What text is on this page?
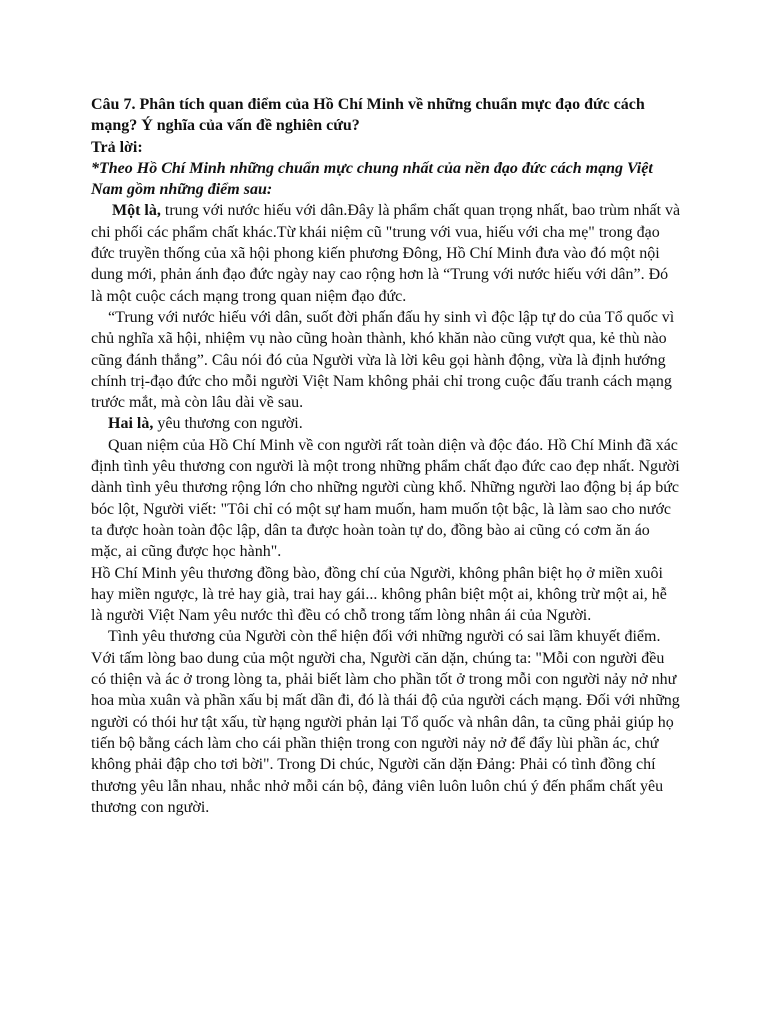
Câu 7. Phân tích quan điểm của Hồ Chí Minh về những chuẩn mực đạo đức cách mạng? Ý nghĩa của vấn đề nghiên cứu?

Trả lời:

*Theo Hồ Chí Minh những chuẩn mực chung nhất của nền đạo đức cách mạng Việt Nam gồm những điểm sau:

Một là, trung với nước hiếu với dân.Đây là phẩm chất quan trọng nhất, bao trùm nhất và chi phối các phẩm chất khác.Từ khái niệm cũ "trung với vua, hiếu với cha mẹ" trong đạo đức truyền thống của xã hội phong kiến phương Đông, Hồ Chí Minh đưa vào đó một nội dung mới, phản ánh đạo đức ngày nay cao rộng hơn là “Trung với nước hiếu với dân”. Đó là một cuộc cách mạng trong quan niệm đạo đức.

“Trung với nước hiếu với dân, suốt đời phấn đấu hy sinh vì độc lập tự do của Tổ quốc vì chủ nghĩa xã hội, nhiệm vụ nào cũng hoàn thành, khó khăn nào cũng vượt qua, kẻ thù nào cũng đánh thắng”. Câu nói đó của Người vừa là lời kêu gọi hành động, vừa là định hướng chính trị-đạo đức cho mỗi người Việt Nam không phải chỉ trong cuộc đấu tranh cách mạng trước mắt, mà còn lâu dài về sau.

Hai là, yêu thương con người.

Quan niệm của Hồ Chí Minh về con người rất toàn diện và độc đáo. Hồ Chí Minh đã xác định tình yêu thương con người là một trong những phẩm chất đạo đức cao đẹp nhất. Người dành tình yêu thương rộng lớn cho những người cùng khổ. Những người lao động bị áp bức bóc lột, Người viết: "Tôi chỉ có một sự ham muốn, ham muốn tột bậc, là làm sao cho nước ta được hoàn toàn độc lập, dân ta được hoàn toàn tự do, đồng bào ai cũng có cơm ăn áo mặc, ai cũng được học hành".

Hồ Chí Minh yêu thương đồng bào, đồng chí của Người, không phân biệt họ ở miền xuôi hay miền ngược, là trẻ hay già, trai hay gái... không phân biệt một ai, không trừ một ai, hễ là người Việt Nam yêu nước thì đều có chỗ trong tấm lòng nhân ái của Người.

Tình yêu thương của Người còn thể hiện đối với những người có sai lầm khuyết điểm. Với tấm lòng bao dung của một người cha, Người căn dặn, chúng ta: "Mỗi con người đều có thiện và ác ở trong lòng ta, phải biết làm cho phần tốt ở trong mỗi con người nảy nở như hoa mùa xuân và phần xấu bị mất dần đi, đó là thái độ của người cách mạng. Đối với những người có thói hư tật xấu, từ hạng người phản lại Tổ quốc và nhân dân, ta cũng phải giúp họ tiến bộ bằng cách làm cho cái phần thiện trong con người nảy nở để đẩy lùi phần ác, chứ không phải đập cho tơi bời". Trong Di chúc, Người căn dặn Đảng: Phải có tình đồng chí thương yêu lẫn nhau, nhắc nhở mỗi cán bộ, đảng viên luôn luôn chú ý đến phẩm chất yêu thương con người.
